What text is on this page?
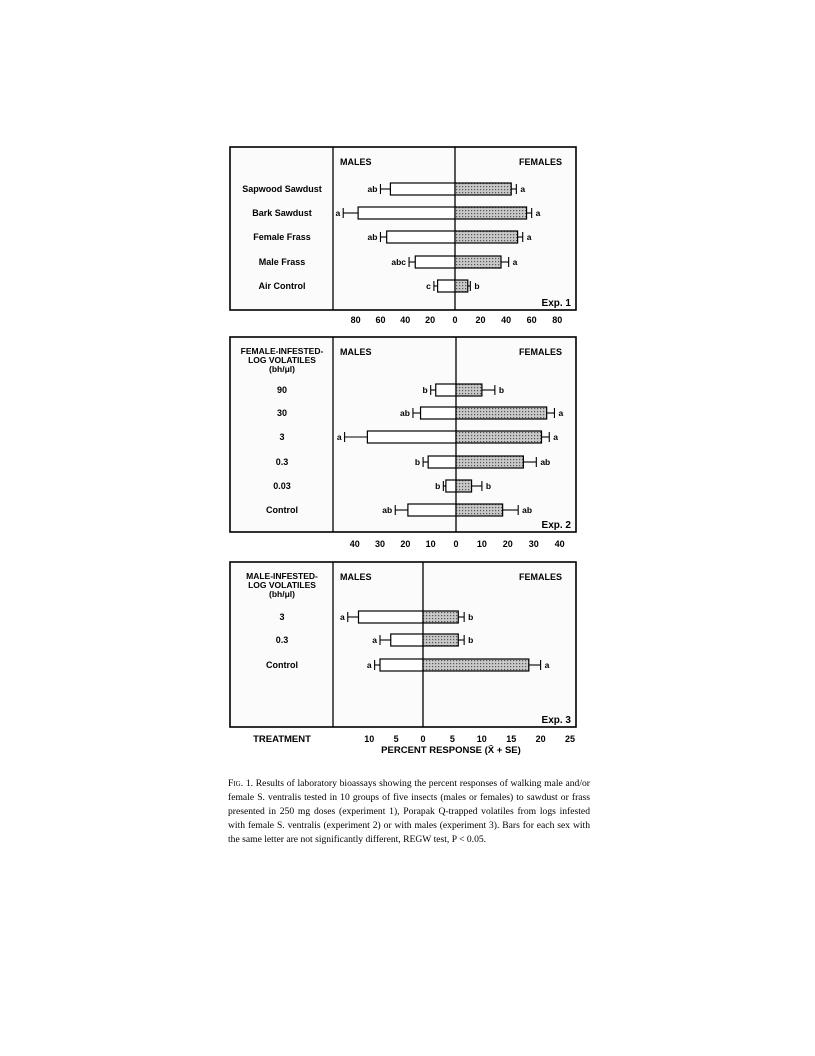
MALES	FEMALES
Sapwood Sawdust	ab	a
Bark Sawdust	a	a
Female Frass	ab	a
Male Frass	abc	a
Air Control	c	b
Exp. 1
80 60 40 20 0 20 40 60 80
MALES	FEMALES
FEMALE-INFESTED-
LOG VOLATILES
(bh/μl)
90	b	b
30	ab	a
3	a	a
0.3	b	ab
0.03	b	b
Control	ab	ab
Exp. 2
40 30 20 10 0 10 20 30 40
MALES	FEMALES
MALE-INFESTED-
LOG VOLATILES
(bh/μl)
3	a	b
0.3	a	b
Control	a	a
Exp. 3
10 5 0	5 10 15 20 25
TREATMENT
PERCENT RESPONSE (X̄ + SE)

Fig. 1. Results of laboratory bioassays showing the percent responses of walking male and/or female S. ventralis tested in 10 groups of five insects (males or females) to sawdust or frass presented in 250 mg doses (experiment 1), Porapak Q-trapped volatiles from logs infested with female S. ventralis (experiment 2) or with males (experiment 3). Bars for each sex with the same letter are not significantly different, REGW test, P < 0.05.
